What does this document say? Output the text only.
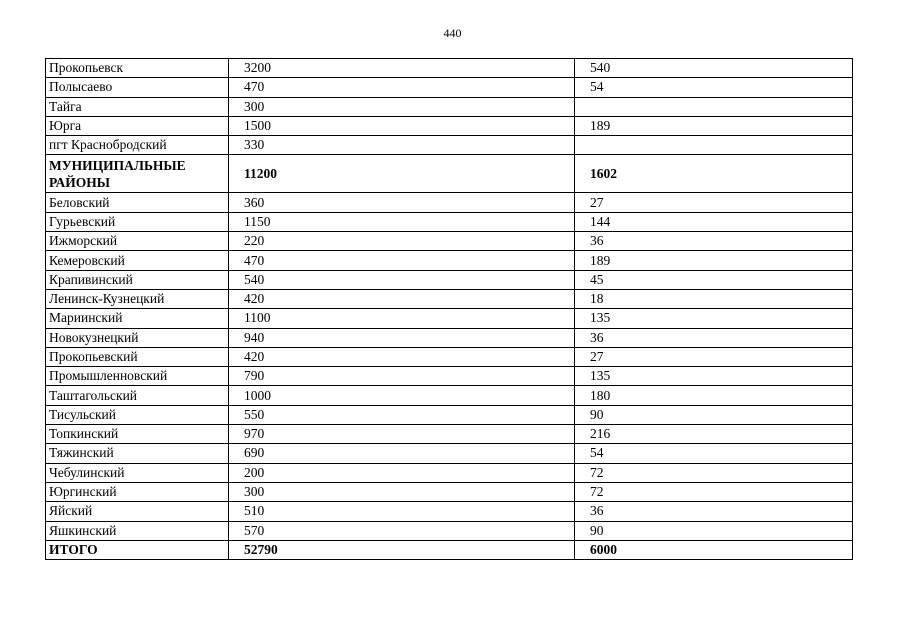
440
Прокопьевск	3200	540
Полысаево	470	54
Тайга	300	
Юрга	1500	189
пгт Краснобродский	330	
МУНИЦИПАЛЬНЫЕ РАЙОНЫ	11200	1602
Беловский	360	27
Гурьевский	1150	144
Ижморский	220	36
Кемеровский	470	189
Крапивинский	540	45
Ленинск-Кузнецкий	420	18
Мариинский	1100	135
Новокузнецкий	940	36
Прокопьевский	420	27
Промышленновский	790	135
Таштагольский	1000	180
Тисульский	550	90
Топкинский	970	216
Тяжинский	690	54
Чебулинский	200	72
Юргинский	300	72
Яйский	510	36
Яшкинский	570	90
ИТОГО	52790	6000
